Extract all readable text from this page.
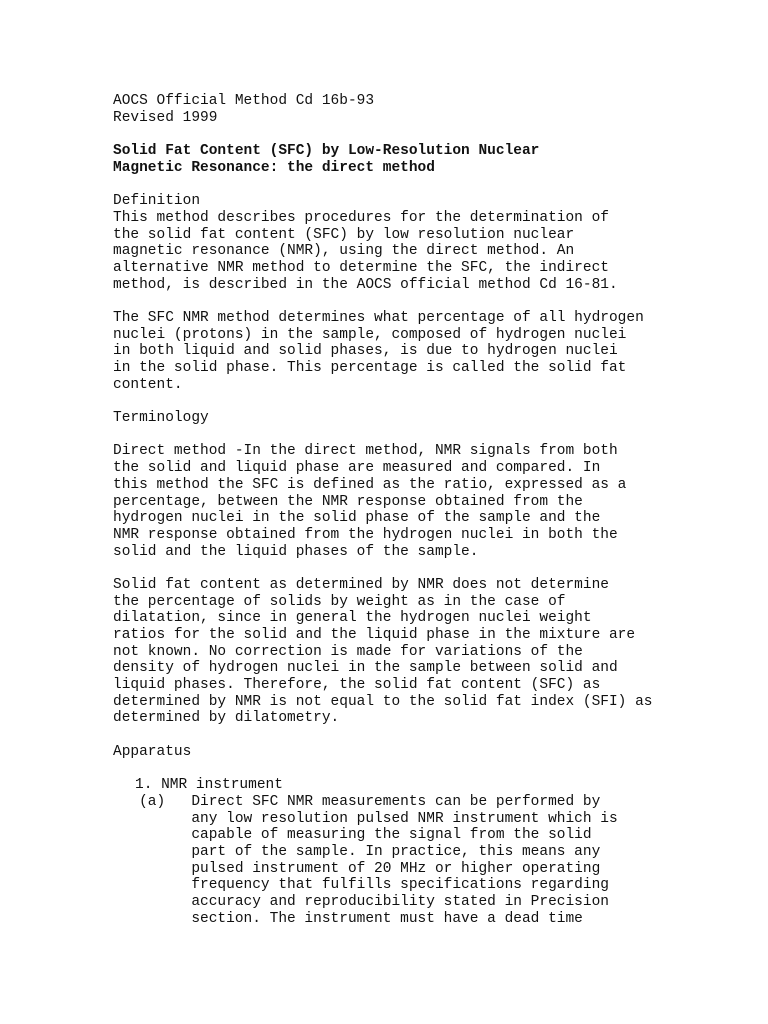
AOCS Official Method Cd 16b-93
Revised 1999
Solid Fat Content (SFC) by Low-Resolution Nuclear
Magnetic Resonance: the direct method
Definition
This method describes procedures for the determination of
the solid fat content (SFC) by low resolution nuclear
magnetic resonance (NMR), using the direct method. An
alternative NMR method to determine the SFC, the indirect
method, is described in the AOCS official method Cd 16-81.
The SFC NMR method determines what percentage of all hydrogen
nuclei (protons) in the sample, composed of hydrogen nuclei
in both liquid and solid phases, is due to hydrogen nuclei
in the solid phase. This percentage is called the solid fat
content.
Terminology
Direct method -In the direct method, NMR signals from both
the solid and liquid phase are measured and compared. In
this method the SFC is defined as the ratio, expressed as a
percentage, between the NMR response obtained from the
hydrogen nuclei in the solid phase of the sample and the
NMR response obtained from the hydrogen nuclei in both the
solid and the liquid phases of the sample.
Solid fat content as determined by NMR does not determine
the percentage of solids by weight as in the case of
dilatation, since in general the hydrogen nuclei weight
ratios for the solid and the liquid phase in the mixture are
not known. No correction is made for variations of the
density of hydrogen nuclei in the sample between solid and
liquid phases. Therefore, the solid fat content (SFC) as
determined by NMR is not equal to the solid fat index (SFI) as
determined by dilatometry.
Apparatus
1. NMR instrument
(a)   Direct SFC NMR measurements can be performed by
any low resolution pulsed NMR instrument which is
capable of measuring the signal from the solid
part of the sample. In practice, this means any
pulsed instrument of 20 MHz or higher operating
frequency that fulfills specifications regarding
accuracy and reproducibility stated in Precision
section. The instrument must have a dead time
